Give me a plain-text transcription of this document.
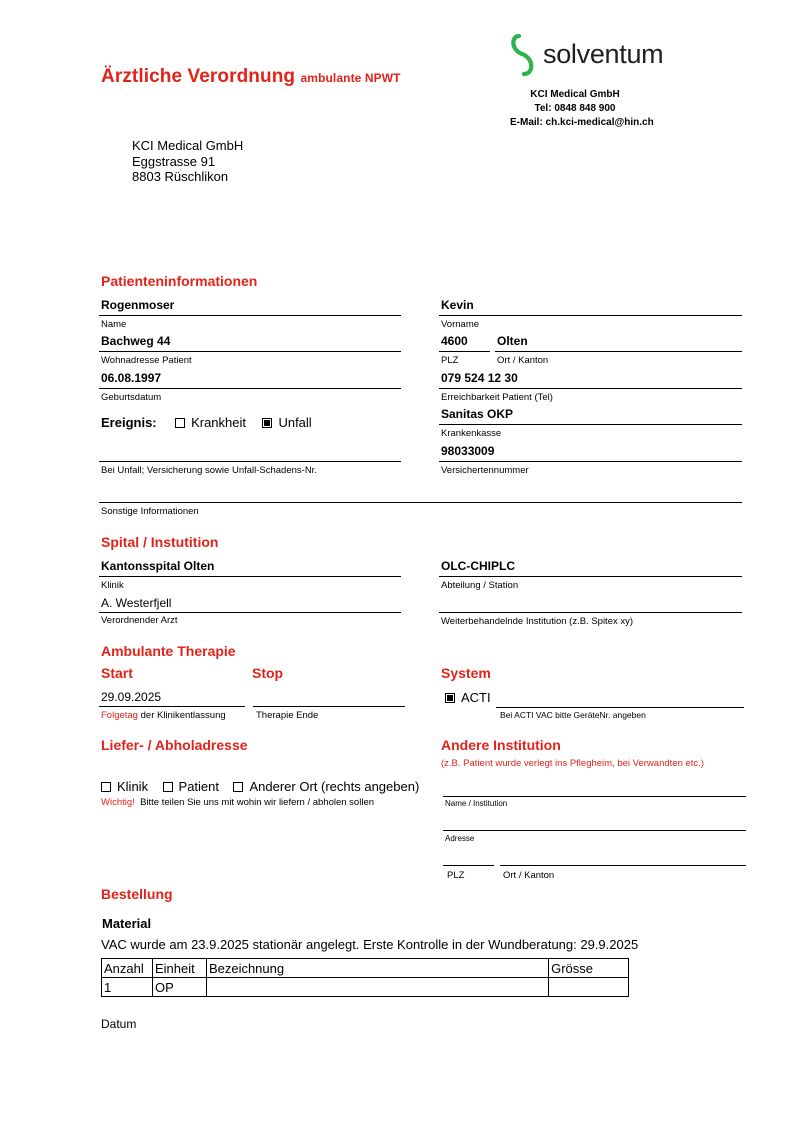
Ärztliche Verordnung ambulante NPWT
solventum
KCI Medical GmbH
Tel: 0848 848 900
E-Mail: ch.kci-medical@hin.ch
KCI Medical GmbH
Eggstrasse 91
8803 Rüschlikon
Patienteninformationen
Rogenmoser
Name
Kevin
Vorname
Bachweg 44
Wohnadresse Patient
4600
PLZ
Olten
Ort / Kanton
06.08.1997
Geburtsdatum
079 524 12 30
Erreichbarkeit Patient (Tel)
Ereignis:	Krankheit Unfall
Sanitas OKP
Krankenkasse
Bei Unfall; Versicherung sowie Unfall-Schadens-Nr.
98033009
Versichertennummer
Sonstige Informationen
Spital / Instutition
Kantonsspital Olten
Klinik
OLC-CHIPLC
Abteilung / Station
A. Westerfjell
Verordnender Arzt	Weiterbehandelnde Institution (z.B. Spitex xy)
Ambulante Therapie
Start	Stop	System
29.09.2025
Folgetag der Klinikentlassung	Therapie Ende
ACTI
Bei ACTI VAC bitte GeräteNr. angeben
Liefer- / Abholadresse
Klinik Patient Anderer Ort (rechts angeben)
Wichtig! Bitte teilen Sie uns mit wohin wir liefern / abholen sollen
Andere Institution
(z.B. Patient wurde verlegt ins Pflegheim, bei Verwandten etc.)
Name / Institution
Adresse
PLZ	Ort / Kanton
Bestellung
Material
VAC wurde am 23.9.2025 stationär angelegt. Erste Kontrolle in der Wundberatung: 29.9.2025
Anzahl	Einheit	Bezeichnung	Grösse
1	OP		
Datum
